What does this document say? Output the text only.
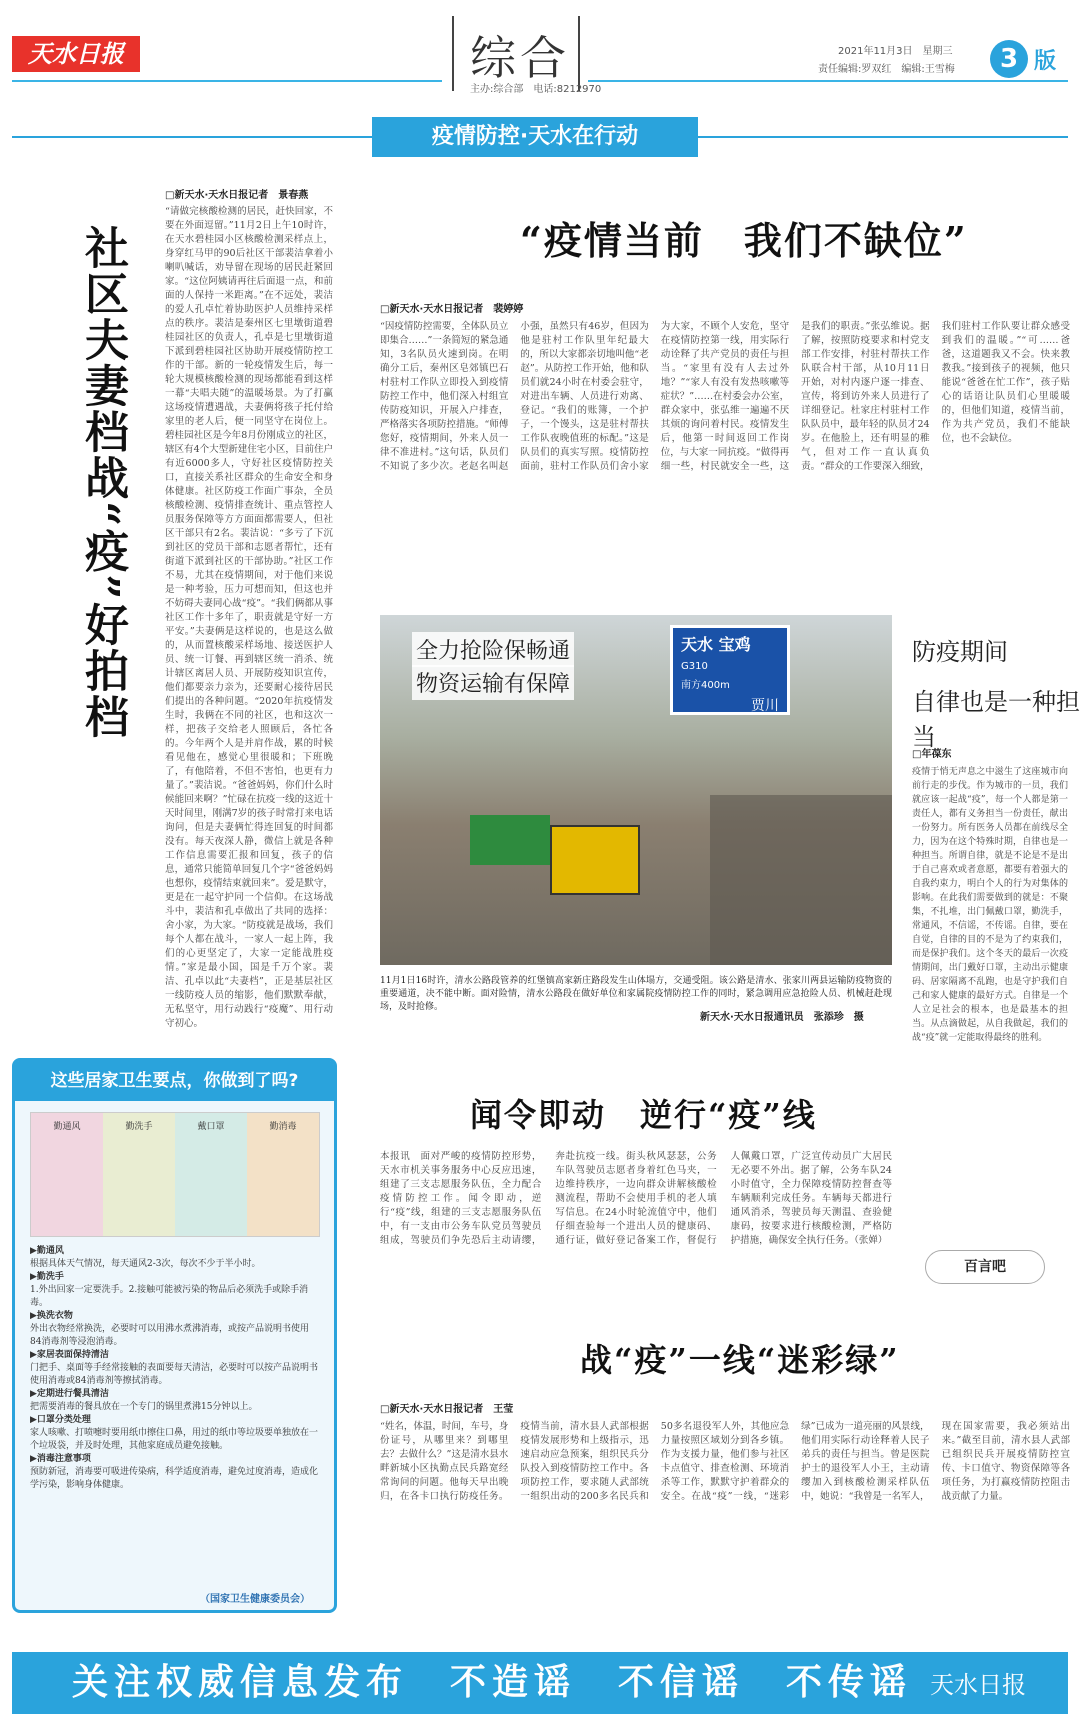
天水日报	综合
主办:综合部　电话:8212970
2021年11月3日　星期三
责任编辑:罗双红　编辑:王雪梅	3 版
疫情防控·天水在行动
社区夫妻档
战“疫”好拍档
□新天水·天水日报记者　景春燕
“请做完核酸检测的居民，赶快回家，不要在外面逗留。”11月2日上午10时许，在天水碧桂园小区核酸检测采样点上，身穿红马甲的90后社区干部裴洁拿着小喇叭喊话，劝导留在现场的居民赶紧回家。“这位阿姨请再往后面退一点，和前面的人保持一米距离。”在不远处，裴洁的爱人孔卓忙着协助医护人员维持采样点的秩序。裴洁是秦州区七里墩街道碧桂园社区的负责人，孔卓是七里墩街道下派到碧桂园社区协助开展疫情防控工作的干部。新的一轮疫情发生后，每一轮大规模核酸检测的现场都能看到这样一幕“夫唱夫随”的温暖场景。为了打赢这场疫情遭遇战，夫妻俩将孩子托付给家里的老人后，便一同坚守在岗位上。碧桂园社区是今年8月份刚成立的社区，辖区有4个大型新建住宅小区，目前住户有近6000多人，守好社区疫情防控关口，直接关系社区群众的生命安全和身体健康。社区防疫工作面广事杂，全员核酸检测、疫情排查统计、重点管控人员服务保障等方方面面都需要人，但社区干部只有2名。裴洁说：“多亏了下沉到社区的党员干部和志愿者帮忙，还有街道下派到社区的干部协助。”社区工作不易，尤其在疫情期间，对于他们来说是一种考验，压力可想而知，但这也并不妨碍夫妻同心战“疫”。“我们俩都从事社区工作十多年了，职责就是守好一方平安。”夫妻俩是这样说的，也是这么做的，从而置核酸采样场地、接送医护人员、统一订餐、再到辖区统一消杀、统计辖区离居人员、开展防疫知识宣传，他们都要亲力亲为，还要耐心接待居民们提出的各种问题。“2020年抗疫情发生时，我俩在不同的社区，也和这次一样，把孩子交给老人照顾后，各忙各的。今年两个人是并肩作战，累的时候看见他在，感觉心里很暖和；下班晚了，有他陪着，不但不害怕，也更有力量了。”裴洁说。“爸爸妈妈，你们什么时候能回来啊？”忙碌在抗疫一线的这近十天时间里，刚满7岁的孩子时常打来电话询问，但是夫妻俩忙得连回复的时间都没有。每天夜深人静，微信上就是各种工作信息需要汇报和回复，孩子的信息，通常只能简单回复几个字“爸爸妈妈也想你，疫情结束就回来”。爱是默守，更是在一起守护同一个信仰。在这场战斗中，裴洁和孔卓做出了共同的选择：舍小家，为大家。“防疫就是战场，我们每个人都在战斗，一家人一起上阵，我们的心更坚定了，大家一定能战胜疫情。”家是最小国，国是千万个家。裴洁、孔卓以此“夫妻档”，正是基层社区一线防疫人员的缩影，他们默默奉献，无私坚守，用行动践行“疫魔”、用行动守初心。
“疫情当前　我们不缺位”
□新天水·天水日报记者　裴婷婷
“因疫情防控需要，全体队员立即集合……”一条简短的紧急通知，3名队员火速到岗。在明确分工后，秦州区皂郊镇巴石村驻村工作队立即投入到疫情防控工作中，他们深入村组宣传防疫知识，开展入户排查，严格落实各项防控措施。“师傅您好，疫情期间，外来人员一律不准进村。”这句话，队员们不知说了多少次。老赵名叫赵小强，虽然只有46岁，但因为他是驻村工作队里年纪最大的，所以大家都亲切地叫他“老赵”。从防控工作开始，他和队员们就24小时在村委会驻守，对进出车辆、人员进行劝离、登记。“我们的账簿，一个护子，一个馒头，这是驻村帮扶工作队夜晚值班的标配。”这是队员们的真实写照。疫情防控面前，驻村工作队员们舍小家为大家，不顾个人安危，坚守在疫情防控第一线，用实际行动诠释了共产党员的责任与担当。“家里有没有人去过外地？”“家人有没有发热咳嗽等症状？”……在村委会办公室，群众家中，张弘维一遍遍不厌其烦的询问着村民。疫情发生后，他第一时间返回工作岗位，与大家一同抗疫。“做得再细一些，村民就安全一些，这是我们的职责。”张弘维说。据了解，按照防疫要求和村党支部工作安排，村驻村帮扶工作队联合村干部，从10月11日开始，对村内逐户逐一排查、宣传，将到访外来人员进行了详细登记。杜家庄村驻村工作队队员中，最年轻的队员才24岁。在他脸上，还有明显的稚气，但对工作一直认真负责。“群众的工作要深入细致，我们驻村工作队要让群众感受到我们的温暖。”“可……爸爸，这道题我又不会。快来教教我。”接到孩子的视频，他只能说“爸爸在忙工作”，孩子贴心的话语让队员们心里暖暖的，但他们知道，疫情当前，作为共产党员，我们不能缺位，也不会缺位。
天水 宝鸡
G310
南方400m
贾川
全力抢险保畅通
物资运输有保障
11月1日16时许，清水公路段管养的红堡镇高家新庄路段发生山体塌方，交通受阻。该公路是清水、张家川两县运输防疫物资的重要通道，决不能中断。面对险情，清水公路段在做好单位和家属院疫情防控工作的同时，紧急调用应急抢险人员、机械赶赴现场，及时抢修。
新天水·天水日报通讯员　张添珍　摄
防疫期间
自律也是一种担当
□年葆东
疫情于悄无声息之中滋生了这座城市向前行走的步伐。作为城市的一员，我们就应该一起战“疫”，每一个人都是第一责任人，都有义务担当一份责任，献出一份努力。所有医务人员都在前线尽全力，因为在这个特殊时期，自律也是一种担当。所谓自律，就是不论是不是出于自己喜欢或者意愿，都要有着强大的自我约束力，明白个人的行为对集体的影响。在此我们需要做到的就是：不聚集，不扎堆，出门佩戴口罩，勤洗手，常通风，不信谣，不传谣。自律，要在自觉，自律的目的不是为了约束我们，而是保护我们。这个冬天的最后一次疫情期间，出门戴好口罩，主动出示健康码、居家隔离不乱跑，也是守护我们自己和家人健康的最好方式。自律是一个人立足社会的根本，也是最基本的担当。从点滴做起，从自我做起，我们的战“疫”就一定能取得最终的胜利。
百言吧
闻令即动　逆行“疫”线
本报讯　面对严峻的疫情防控形势，天水市机关事务服务中心反应迅速，组建了三支志愿服务队伍，全力配合疫情防控工作。闻令即动，逆行“疫”线，组建的三支志愿服务队伍中，有一支由市公务车队党员驾驶员组成，驾驶员们争先恐后主动请缨，奔赴抗疫一线。街头秋风瑟瑟，公务车队驾驶员志愿者身着红色马夹，一边维持秩序，一边向群众讲解核酸检测流程，帮助不会使用手机的老人填写信息。在24小时轮流值守中，他们仔细查验每一个进出人员的健康码、通行证，做好登记备案工作，督促行人佩戴口罩，广泛宣传动员广大居民无必要不外出。据了解，公务车队24小时值守，全力保障疫情防控督查等车辆顺利完成任务。车辆每天都进行通风消杀，驾驶员每天测温、查验健康码，按要求进行核酸检测，严格防护措施，确保安全执行任务。（张婵）
战“疫”一线“迷彩绿”
□新天水·天水日报记者　王莹
“姓名，体温，时间，车号，身份证号，从哪里来？到哪里去？去做什么？”这是清水县水畔新城小区执勤点民兵路宽经常询问的问题。他每天早出晚归，在各卡口执行防疫任务。疫情当前，清水县人武部根据疫情发展形势和上级指示，迅速启动应急预案，组织民兵分队投入到疫情防控工作中。各项防控工作，要求随人武部统一组织出动的200多名民兵和50多名退役军人外，其他应急力量按照区域划分到各乡镇。作为支援力量，他们参与社区卡点值守、排查检测、环境消杀等工作，默默守护着群众的安全。在战“疫”一线，“迷彩绿”已成为一道亮丽的风景线，他们用实际行动诠释着人民子弟兵的责任与担当。曾是医院护士的退役军人小王，主动请缨加入到核酸检测采样队伍中，她说：“我曾是一名军人，现在国家需要，我必须站出来。”截至目前，清水县人武部已组织民兵开展疫情防控宣传、卡口值守、物资保障等各项任务，为打赢疫情防控阻击战贡献了力量。
这些居家卫生要点，你做到了吗?
勤通风	勤洗手	戴口罩	勤消毒
▶勤通风
根据具体天气情况，每天通风2-3次，每次不少于半小时。
▶勤洗手
1.外出回家一定要洗手。2.接触可能被污染的物品后必须洗手或除手消毒。
▶换洗衣物
外出衣物经常换洗，必要时可以用沸水煮沸消毒，或按产品说明书使用84消毒剂等浸泡消毒。
▶家居表面保持清洁
门把手、桌面等手经常接触的表面要每天清洁，必要时可以按产品说明书使用消毒或84消毒剂等擦拭消毒。
▶定期进行餐具清洁
把需要消毒的餐具放在一个专门的锅里煮沸15分钟以上。
▶口罩分类处理
家人咳嗽、打喷嚏时要用纸巾擦住口鼻，用过的纸巾等垃圾要单独放在一个垃圾袋，并及时处理，其他家庭成员避免接触。
▶消毒注意事项
预防新冠，消毒要可吸进传染病，科学适度消毒，避免过度消毒，造成化学污染，影响身体健康。
（国家卫生健康委员会）
关注权威信息发布　不造谣　不信谣　不传谣 天水日报
